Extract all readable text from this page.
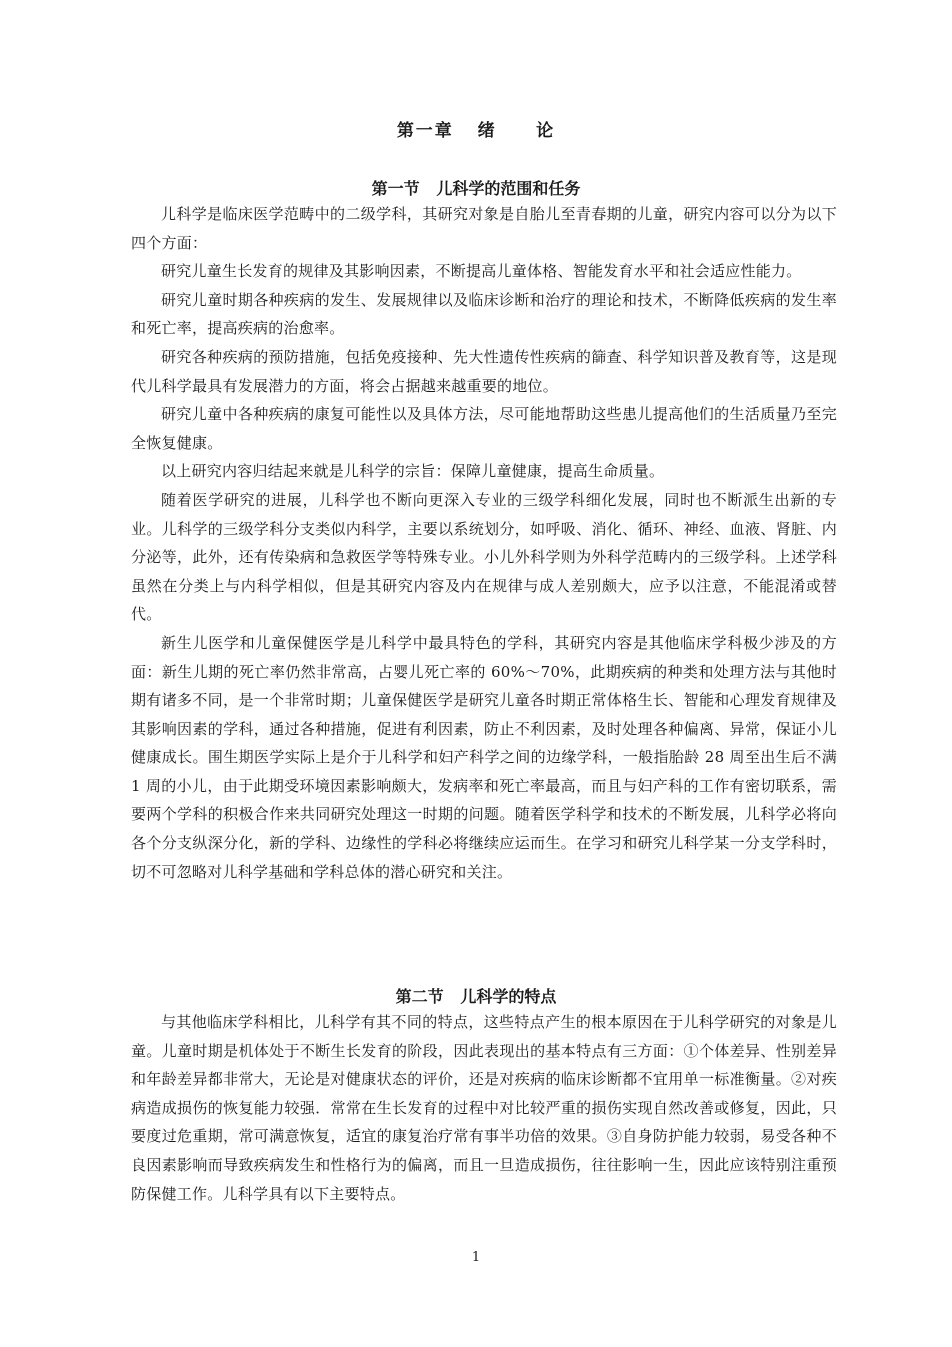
第一章   绪     论
第一节   儿科学的范围和任务

儿科学是临床医学范畴中的二级学科，其研究对象是自胎儿至青春期的儿童，研究内容可以分为以下四个方面：

研究儿童生长发育的规律及其影响因素，不断提高儿童体格、智能发育水平和社会适应性能力。

研究儿童时期各种疾病的发生、发展规律以及临床诊断和治疗的理论和技术，不断降低疾病的发生率和死亡率，提高疾病的治愈率。

研究各种疾病的预防措施，包括免疫接种、先大性遗传性疾病的篩查、科学知识普及教育等，这是现代儿科学最具有发展潜力的方面，将会占据越来越重要的地位。

研究儿童中各种疾病的康复可能性以及具体方法，尽可能地帮助这些患儿提高他们的生活质量乃至完全恢复健康。

以上研究内容归结起来就是儿科学的宗旨：保障儿童健康，提高生命质量。

随着医学研究的进展，儿科学也不断向更深入专业的三级学科细化发展，同时也不断派生出新的专业。儿科学的三级学科分支类似内科学，主要以系统划分，如呼吸、消化、循环、神经、血液、肾脏、内分泌等，此外，还有传染病和急救医学等特殊专业。小儿外科学则为外科学范畴内的三级学科。上述学科虽然在分类上与内科学相似，但是其研究内容及内在规律与成人差别颇大，应予以注意，不能混淆或替代。

新生儿医学和儿童保健医学是儿科学中最具特色的学科，其研究内容是其他临床学科极少涉及的方面：新生儿期的死亡率仍然非常高，占婴儿死亡率的 60%～70%，此期疾病的种类和处理方法与其他时期有诸多不同，是一个非常时期；儿童保健医学是研究儿童各时期正常体格生长、智能和心理发育规律及其影响因素的学科，通过各种措施，促进有利因素，防止不利因素，及时处理各种偏离、异常，保证小儿健康成长。围生期医学实际上是介于儿科学和妇产科学之间的边缘学科，一般指胎龄 28 周至出生后不满 1 周的小儿，由于此期受环境因素影响颇大，发病率和死亡率最高，而且与妇产科的工作有密切联系，需要两个学科的积极合作来共同研究处理这一时期的问题。随着医学科学和技术的不断发展，儿科学必将向各个分支纵深分化，新的学科、边缘性的学科必将继续应运而生。在学习和研究儿科学某一分支学科时，切不可忽略对儿科学基础和学科总体的潜心研究和关注。

第二节   儿科学的特点

与其他临床学科相比，儿科学有其不同的特点，这些特点产生的根本原因在于儿科学研究的对象是儿童。儿童时期是机体处于不断生长发育的阶段，因此表现出的基本特点有三方面：①个体差异、性别差异和年龄差异都非常大，无论是对健康状态的评价，还是对疾病的临床诊断都不宜用单一标准衡量。②对疾病造成损伤的恢复能力较强．常常在生长发育的过程中对比较严重的损伤实现自然改善或修复，因此，只要度过危重期，常可满意恢复，适宜的康复治疗常有事半功倍的效果。③自身防护能力较弱，易受各种不良因素影响而导致疾病发生和性格行为的偏离，而且一旦造成损伤，往往影响一生，因此应该特别注重预防保健工作。儿科学具有以下主要特点。

1
